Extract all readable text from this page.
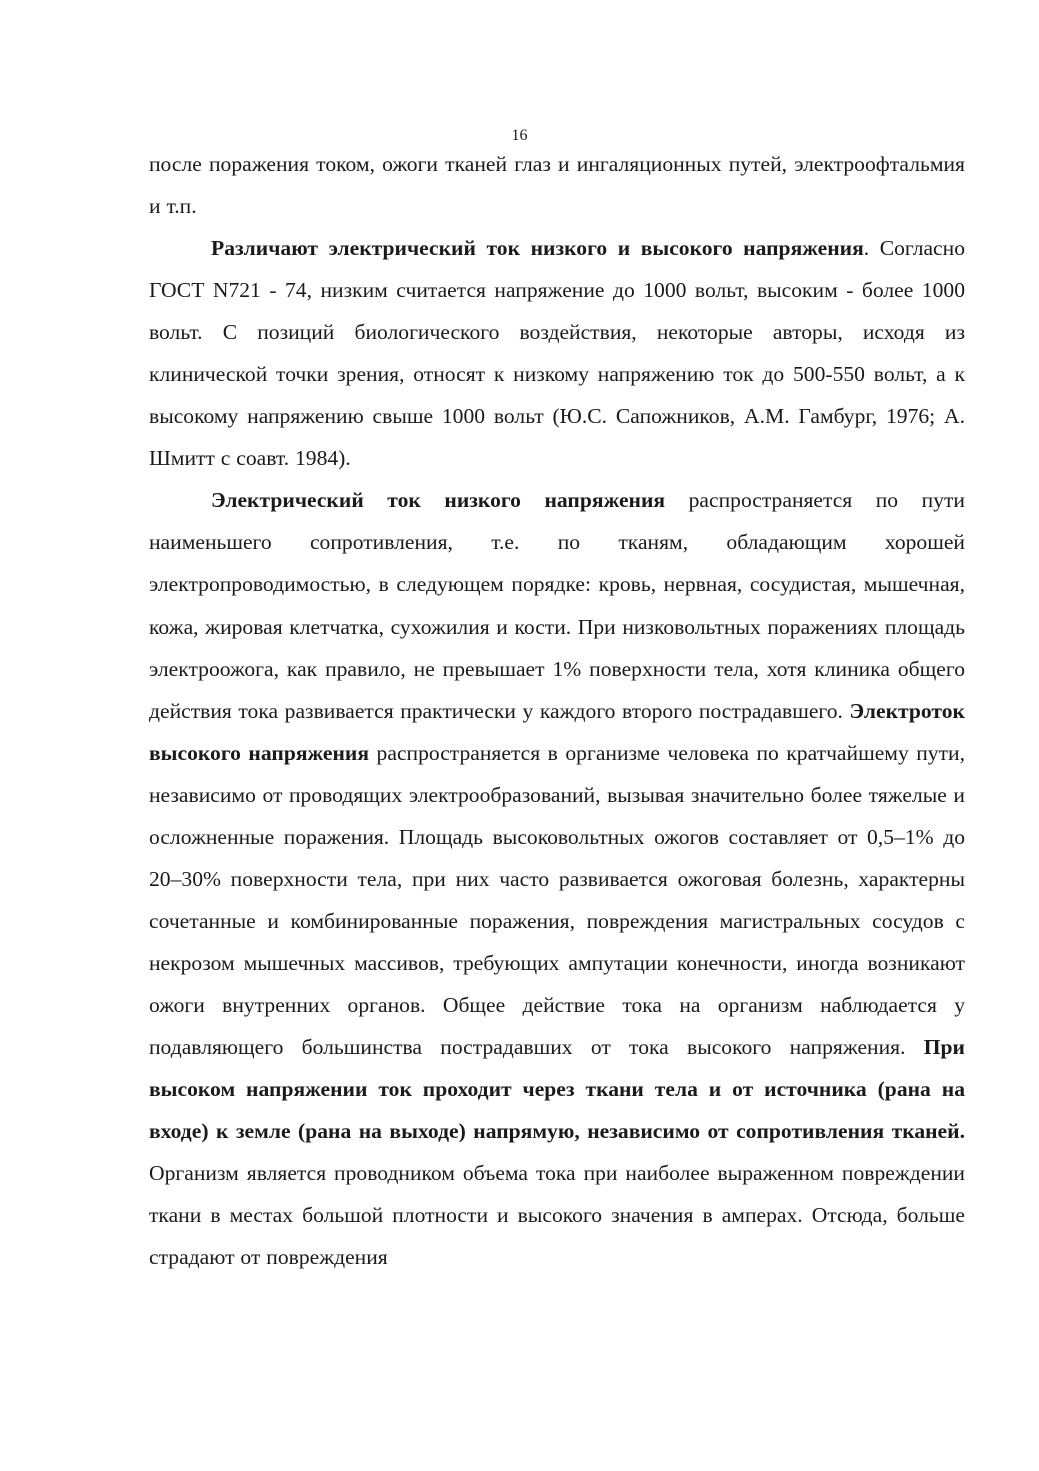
16

после поражения током, ожоги тканей глаз и ингаляционных путей, электроофтальмия и т.п.

Различают электрический ток низкого и высокого напряжения. Согласно ГОСТ N721 - 74, низким считается напряжение до 1000 вольт, высоким - более 1000 вольт. С позиций биологического воздействия, некоторые авторы, исходя из клинической точки зрения, относят к низкому напряжению ток до 500-550 вольт, а к высокому напряжению свыше 1000 вольт (Ю.С. Сапожников, А.М. Гамбург, 1976; А. Шмитт с соавт. 1984).

Электрический ток низкого напряжения распространяется по пути наименьшего сопротивления, т.е. по тканям, обладающим хорошей электропроводимостью, в следующем порядке: кровь, нервная, сосудистая, мышечная, кожа, жировая клетчатка, сухожилия и кости. При низковольтных поражениях площадь электроожога, как правило, не превышает 1% поверхности тела, хотя клиника общего действия тока развивается практически у каждого второго пострадавшего. Электроток высокого напряжения распространяется в организме человека по кратчайшему пути, независимо от проводящих электрообразований, вызывая значительно более тяжелые и осложненные поражения. Площадь высоковольтных ожогов составляет от 0,5–1% до 20–30% поверхности тела, при них часто развивается ожоговая болезнь, характерны сочетанные и комбинированные поражения, повреждения магистральных сосудов с некрозом мышечных массивов, требующих ампутации конечности, иногда возникают ожоги внутренних органов. Общее действие тока на организм наблюдается у подавляющего большинства пострадавших от тока высокого напряжения. При высоком напряжении ток проходит через ткани тела и от источника (рана на входе) к земле (рана на выходе) напрямую, независимо от сопротивления тканей. Организм является проводником объема тока при наиболее выраженном повреждении ткани в местах большой плотности и высокого значения в амперах. Отсюда, больше страдают от повреждения
